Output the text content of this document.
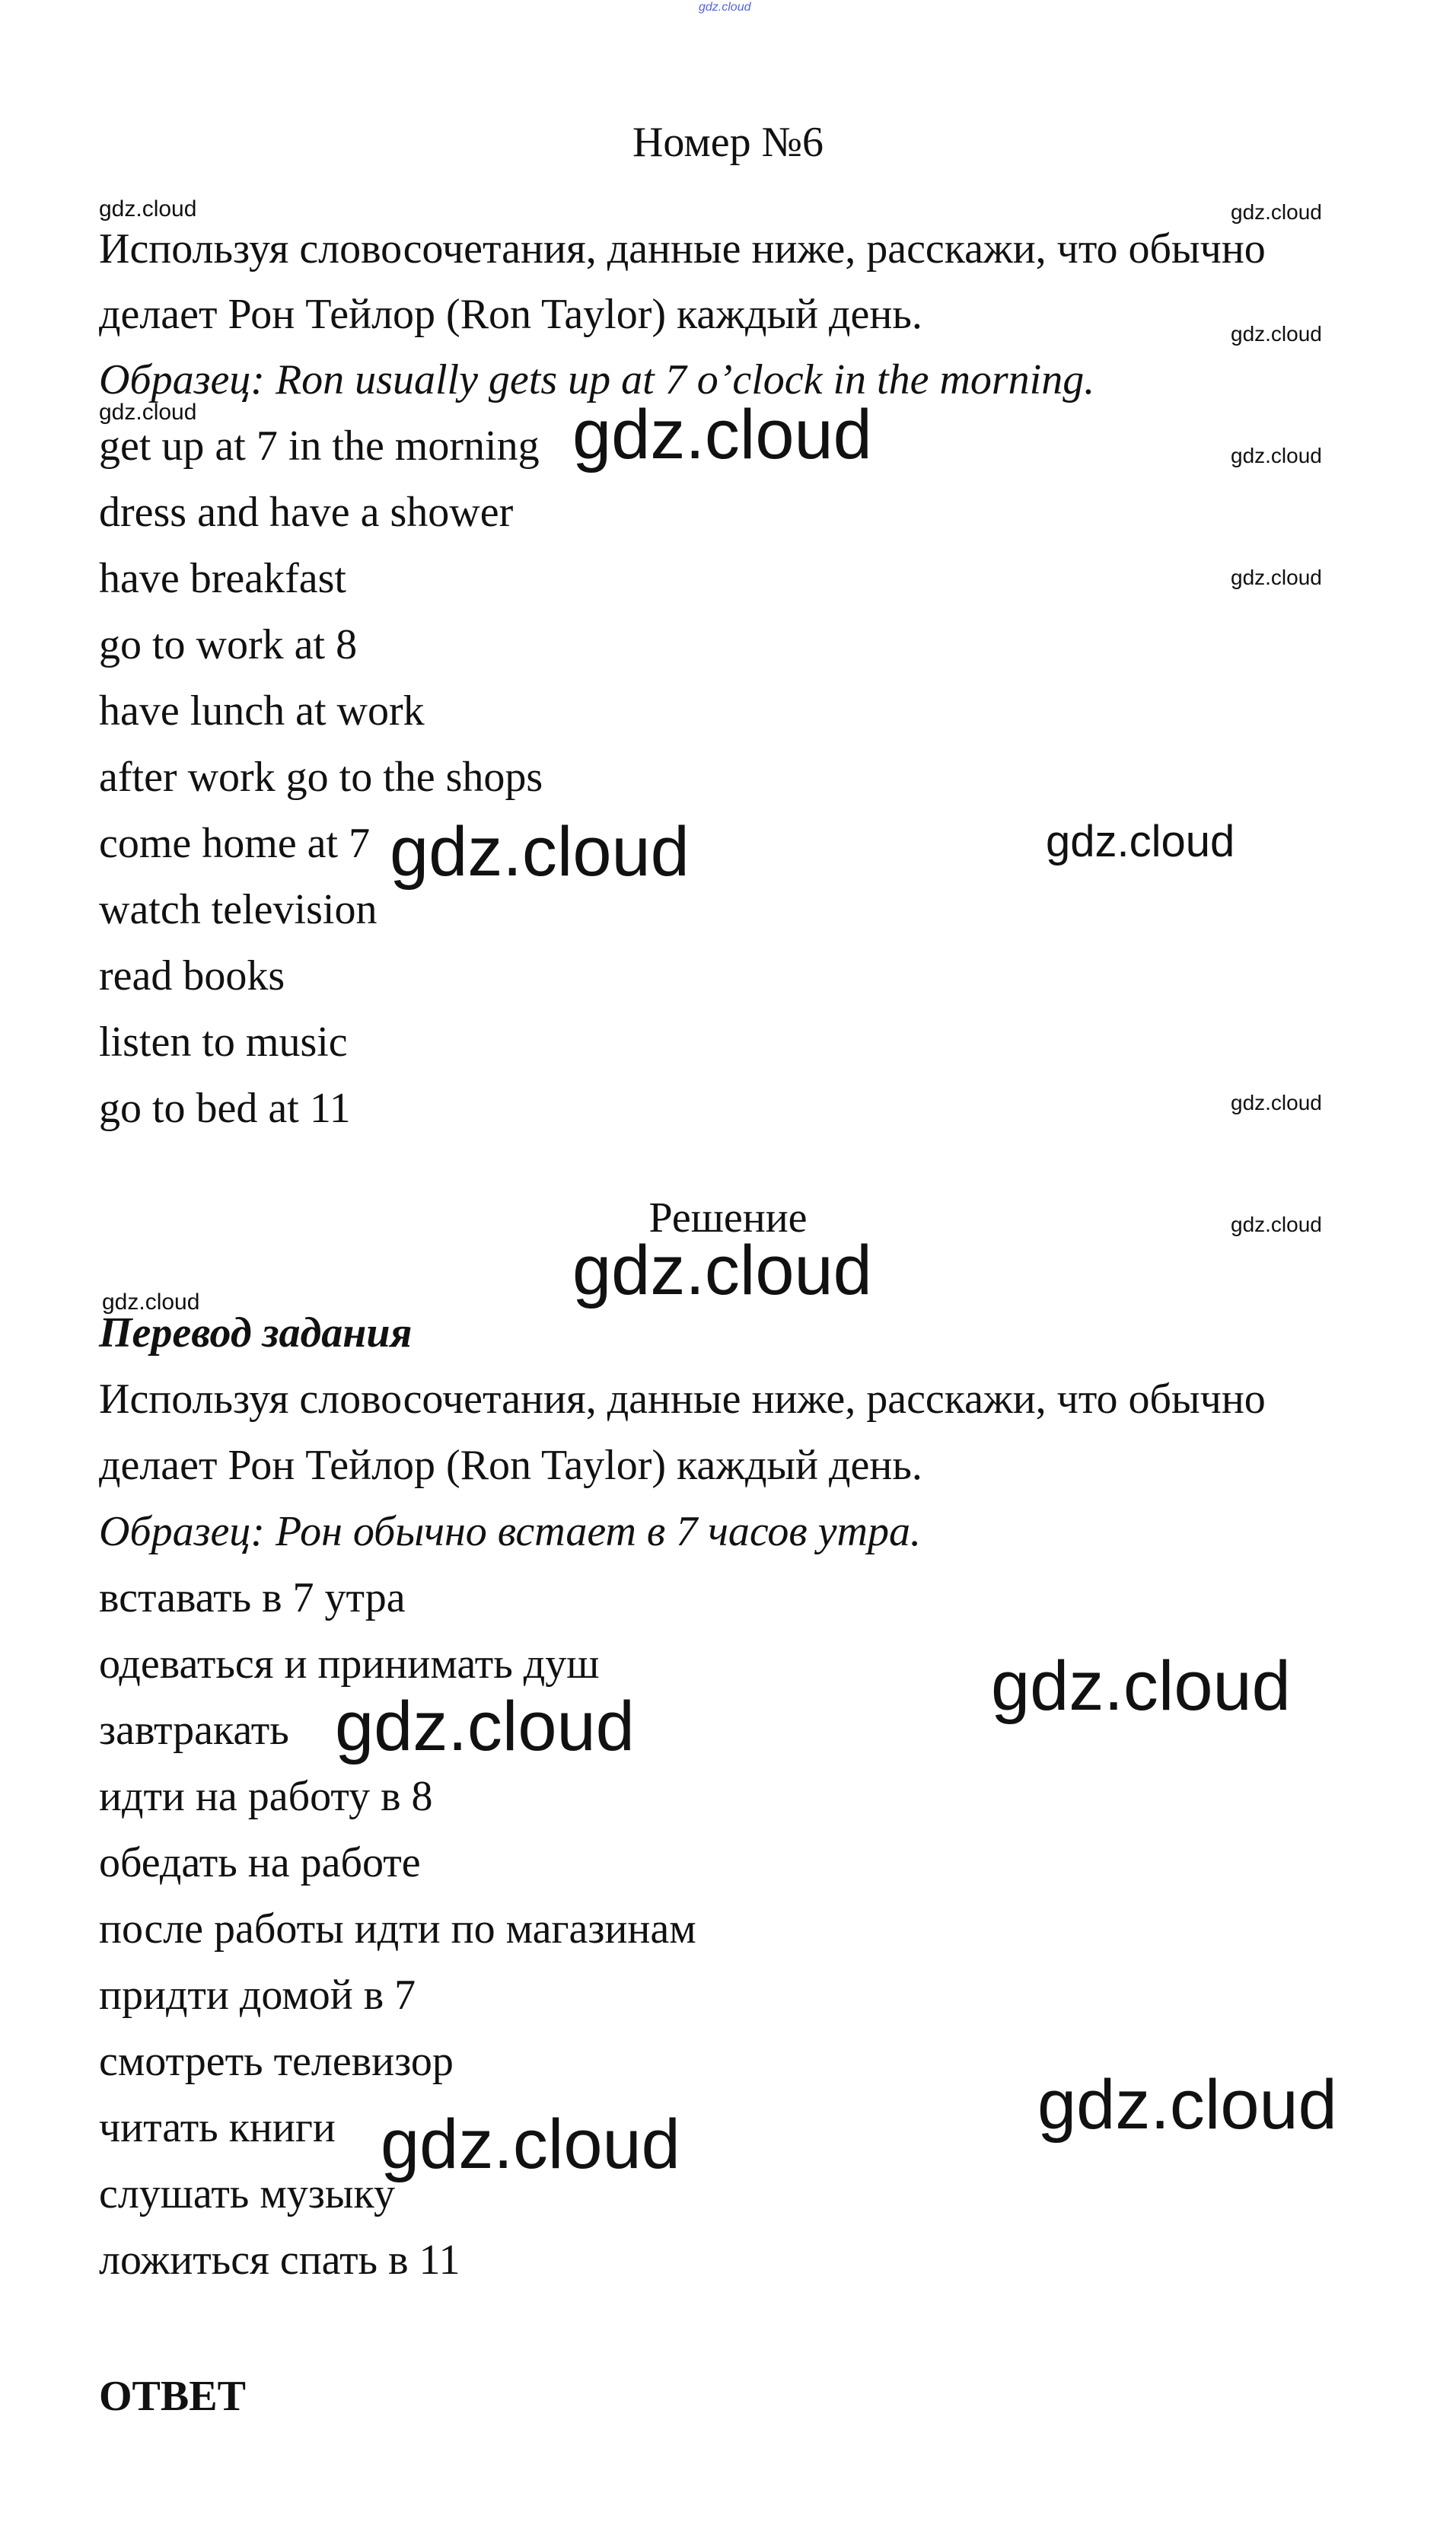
gdz.cloud
Номер №6
Используя словосочетания, данные ниже, расскажи, что обычно
делает Рон Тейлор (Ron Taylor) каждый день.
Образец: Ron usually gets up at 7 o’clock in the morning.
get up at 7 in the morning
dress and have a shower
have breakfast
go to work at 8
have lunch at work
after work go to the shops
come home at 7
watch television
read books
listen to music
go to bed at 11
Решение
Перевод задания
Используя словосочетания, данные ниже, расскажи, что обычно
делает Рон Тейлор (Ron Taylor) каждый день.
Образец: Рон обычно встает в 7 часов утра.
вставать в 7 утра
одеваться и принимать душ
завтракать
идти на работу в 8
обедать на работе
после работы идти по магазинам
придти домой в 7
смотреть телевизор
читать книги
слушать музыку
ложиться спать в 11
ОТВЕТ
gdz.cloud	gdz.cloud
gdz.cloud
gdz.cloud	gdz.cloud	gdz.cloud
gdz.cloud
gdz.cloud	gdz.cloud
gdz.cloud
gdz.cloud
gdz.cloud
gdz.cloud
gdz.cloud
gdz.cloud
gdz.cloud
gdz.cloud
